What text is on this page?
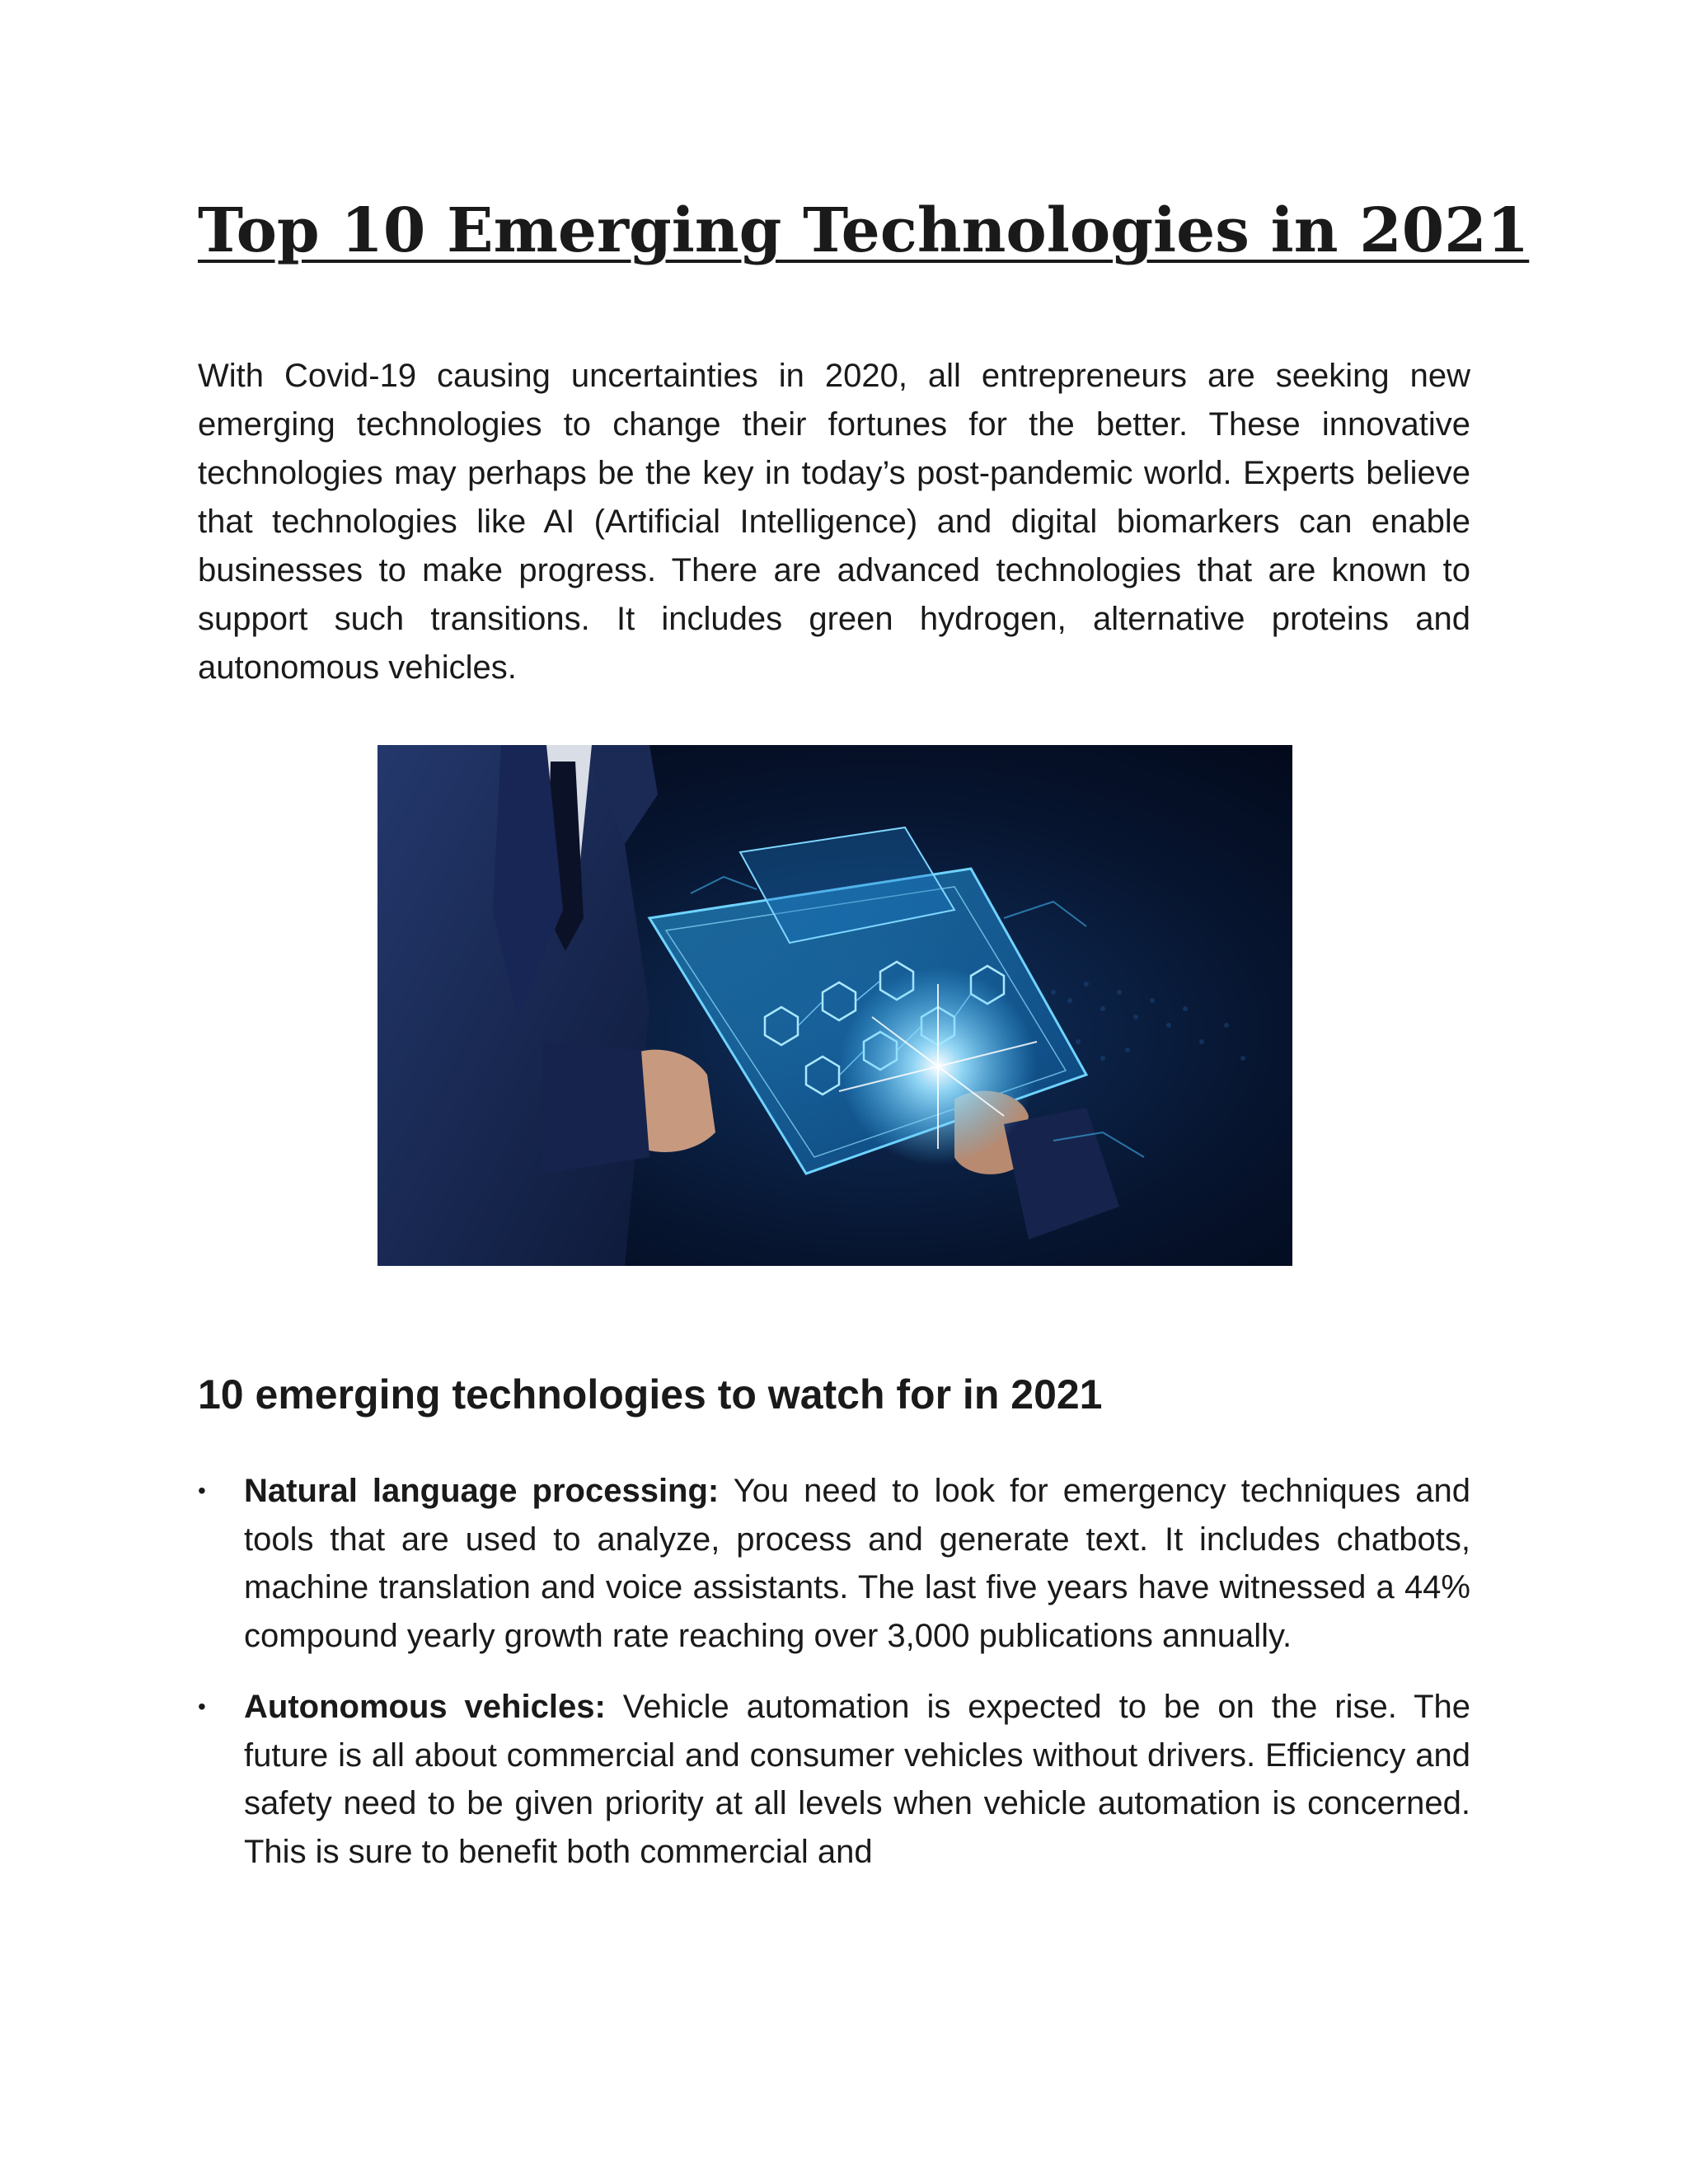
Top 10 Emerging Technologies in 2021

With Covid-19 causing uncertainties in 2020, all entrepreneurs are seeking new emerging technologies to change their fortunes for the better. These innovative technologies may perhaps be the key in today’s post-pandemic world. Experts believe that technologies like AI (Artificial Intelligence) and digital biomarkers can enable businesses to make progress. There are advanced technologies that are known to support such transitions. It includes green hydrogen, alternative proteins and autonomous vehicles.

10 emerging technologies to watch for in 2021
• Natural language processing: You need to look for emergency techniques and tools that are used to analyze, process and generate text. It includes chatbots, machine translation and voice assistants. The last five years have witnessed a 44% compound yearly growth rate reaching over 3,000 publications annually.
• Autonomous vehicles: Vehicle automation is expected to be on the rise. The future is all about commercial and consumer vehicles without drivers. Efficiency and safety need to be given priority at all levels when vehicle automation is concerned. This is sure to benefit both commercial and
